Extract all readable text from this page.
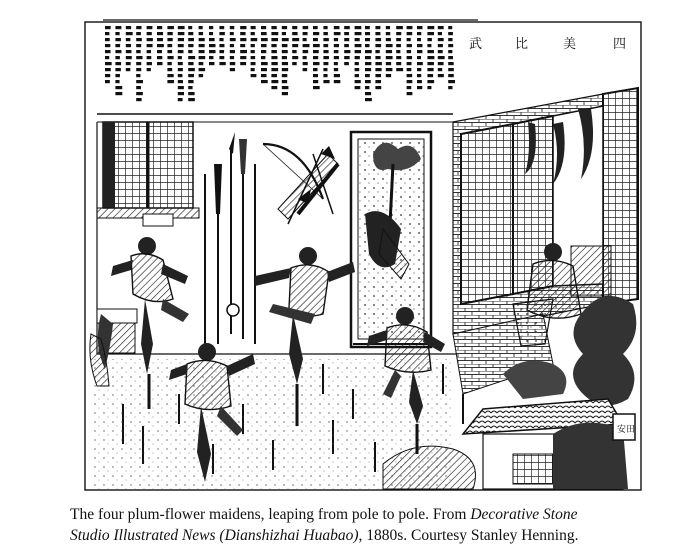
四
美
比
武
安田

The four plum-flower maidens, leaping from pole to pole. From Decorative Stone

Studio Illustrated News (Dianshizhai Huabao), 1880s. Courtesy Stanley Henning.
